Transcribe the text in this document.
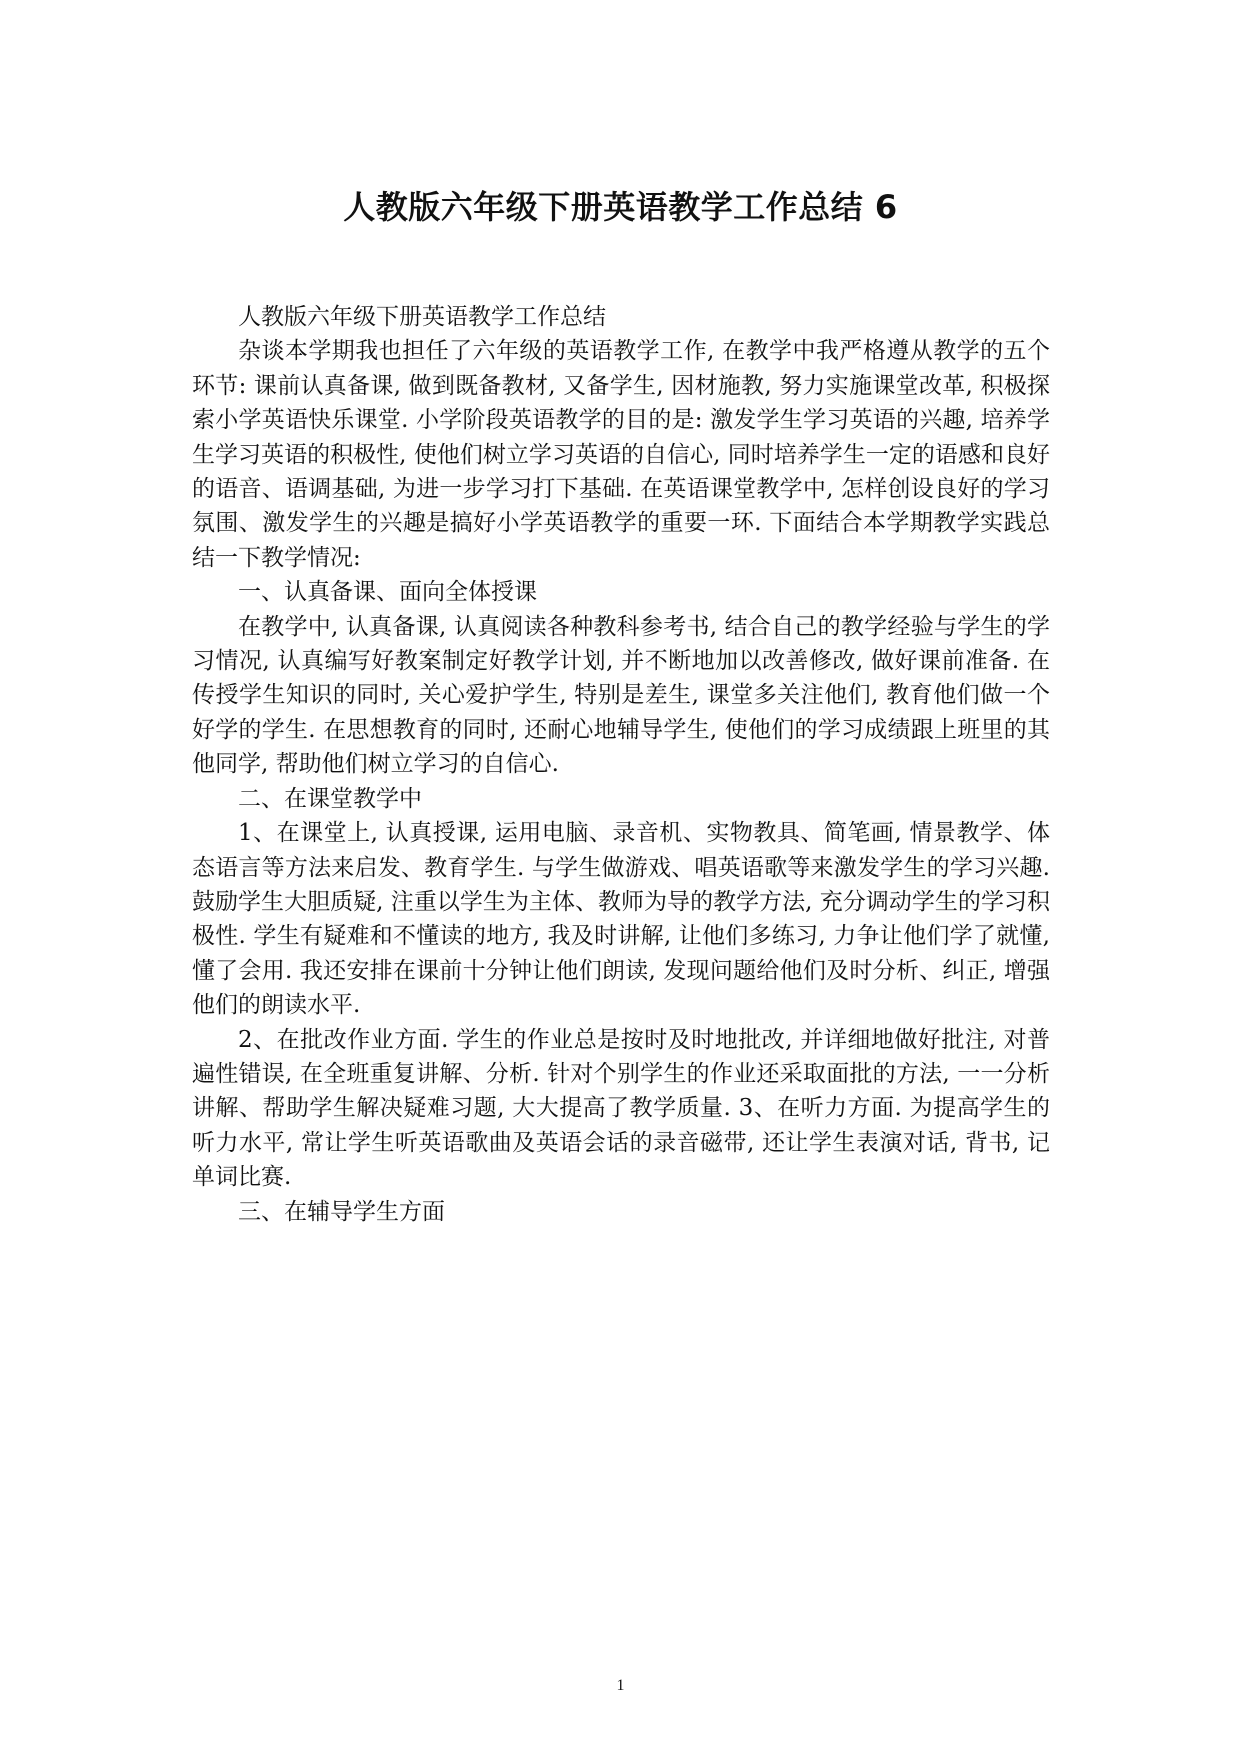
人教版六年级下册英语教学工作总结 6

人教版六年级下册英语教学工作总结

杂谈本学期我也担任了六年级的英语教学工作, 在教学中我严格遵从教学的五个环节: 课前认真备课, 做到既备教材, 又备学生, 因材施教, 努力实施课堂改革, 积极探索小学英语快乐课堂. 小学阶段英语教学的目的是: 激发学生学习英语的兴趣, 培养学生学习英语的积极性, 使他们树立学习英语的自信心, 同时培养学生一定的语感和良好的语音、语调基础, 为进一步学习打下基础. 在英语课堂教学中, 怎样创设良好的学习氛围、激发学生的兴趣是搞好小学英语教学的重要一环. 下面结合本学期教学实践总结一下教学情况:

一、认真备课、面向全体授课

在教学中, 认真备课, 认真阅读各种教科参考书, 结合自己的教学经验与学生的学习情况, 认真编写好教案制定好教学计划, 并不断地加以改善修改, 做好课前准备. 在传授学生知识的同时, 关心爱护学生, 特别是差生, 课堂多关注他们, 教育他们做一个好学的学生. 在思想教育的同时, 还耐心地辅导学生, 使他们的学习成绩跟上班里的其他同学, 帮助他们树立学习的自信心.

二、在课堂教学中

1、在课堂上, 认真授课, 运用电脑、录音机、实物教具、简笔画, 情景教学、体态语言等方法来启发、教育学生. 与学生做游戏、唱英语歌等来激发学生的学习兴趣. 鼓励学生大胆质疑, 注重以学生为主体、教师为导的教学方法, 充分调动学生的学习积极性. 学生有疑难和不懂读的地方, 我及时讲解, 让他们多练习, 力争让他们学了就懂, 懂了会用. 我还安排在课前十分钟让他们朗读, 发现问题给他们及时分析、纠正, 增强他们的朗读水平.

2、在批改作业方面. 学生的作业总是按时及时地批改, 并详细地做好批注, 对普遍性错误, 在全班重复讲解、分析. 针对个别学生的作业还采取面批的方法, 一一分析讲解、帮助学生解决疑难习题, 大大提高了教学质量. 3、在听力方面. 为提高学生的听力水平, 常让学生听英语歌曲及英语会话的录音磁带, 还让学生表演对话, 背书, 记单词比赛.

三、在辅导学生方面

1
